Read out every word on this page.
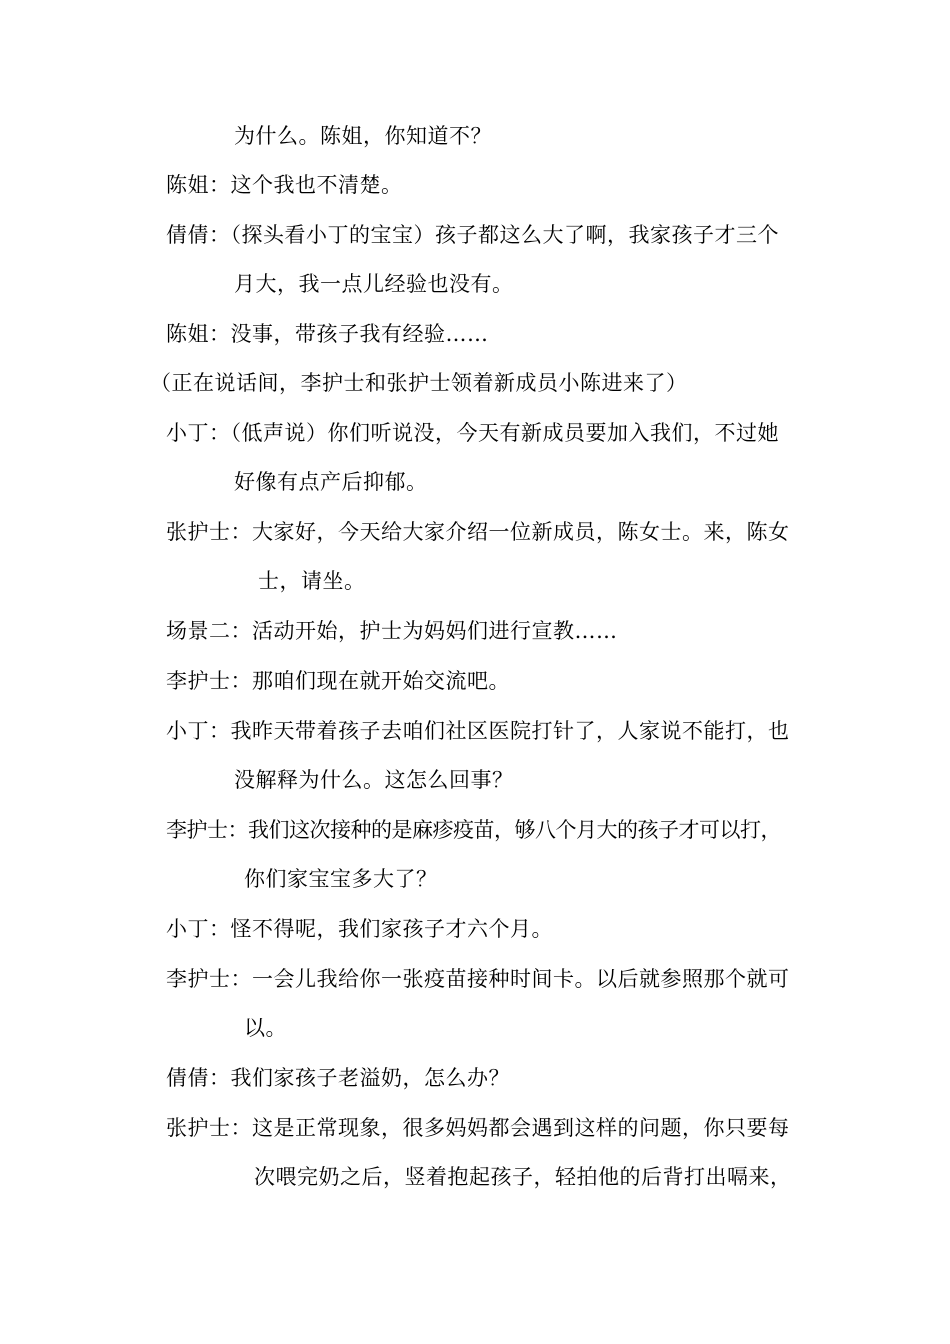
为什么。陈姐，你知道不？
陈姐：这个我也不清楚。
倩倩：（探头看小丁的宝宝）孩子都这么大了啊，我家孩子才三个
月大，我一点儿经验也没有。
陈姐：没事，带孩子我有经验……
（正在说话间，李护士和张护士领着新成员小陈进来了）
小丁：（低声说）你们听说没，今天有新成员要加入我们，不过她
好像有点产后抑郁。
张护士：大家好，今天给大家介绍一位新成员，陈女士。来，陈女
士，请坐。
场景二：活动开始，护士为妈妈们进行宣教……
李护士：那咱们现在就开始交流吧。
小丁：我昨天带着孩子去咱们社区医院打针了，人家说不能打，也
没解释为什么。这怎么回事？
李护士：我们这次接种的是麻疹疫苗，够八个月大的孩子才可以打，
你们家宝宝多大了？
小丁：怪不得呢，我们家孩子才六个月。
李护士：一会儿我给你一张疫苗接种时间卡。以后就参照那个就可
以。
倩倩：我们家孩子老溢奶，怎么办？
张护士：这是正常现象，很多妈妈都会遇到这样的问题，你只要每
次喂完奶之后，竖着抱起孩子，轻拍他的后背打出嗝来，
